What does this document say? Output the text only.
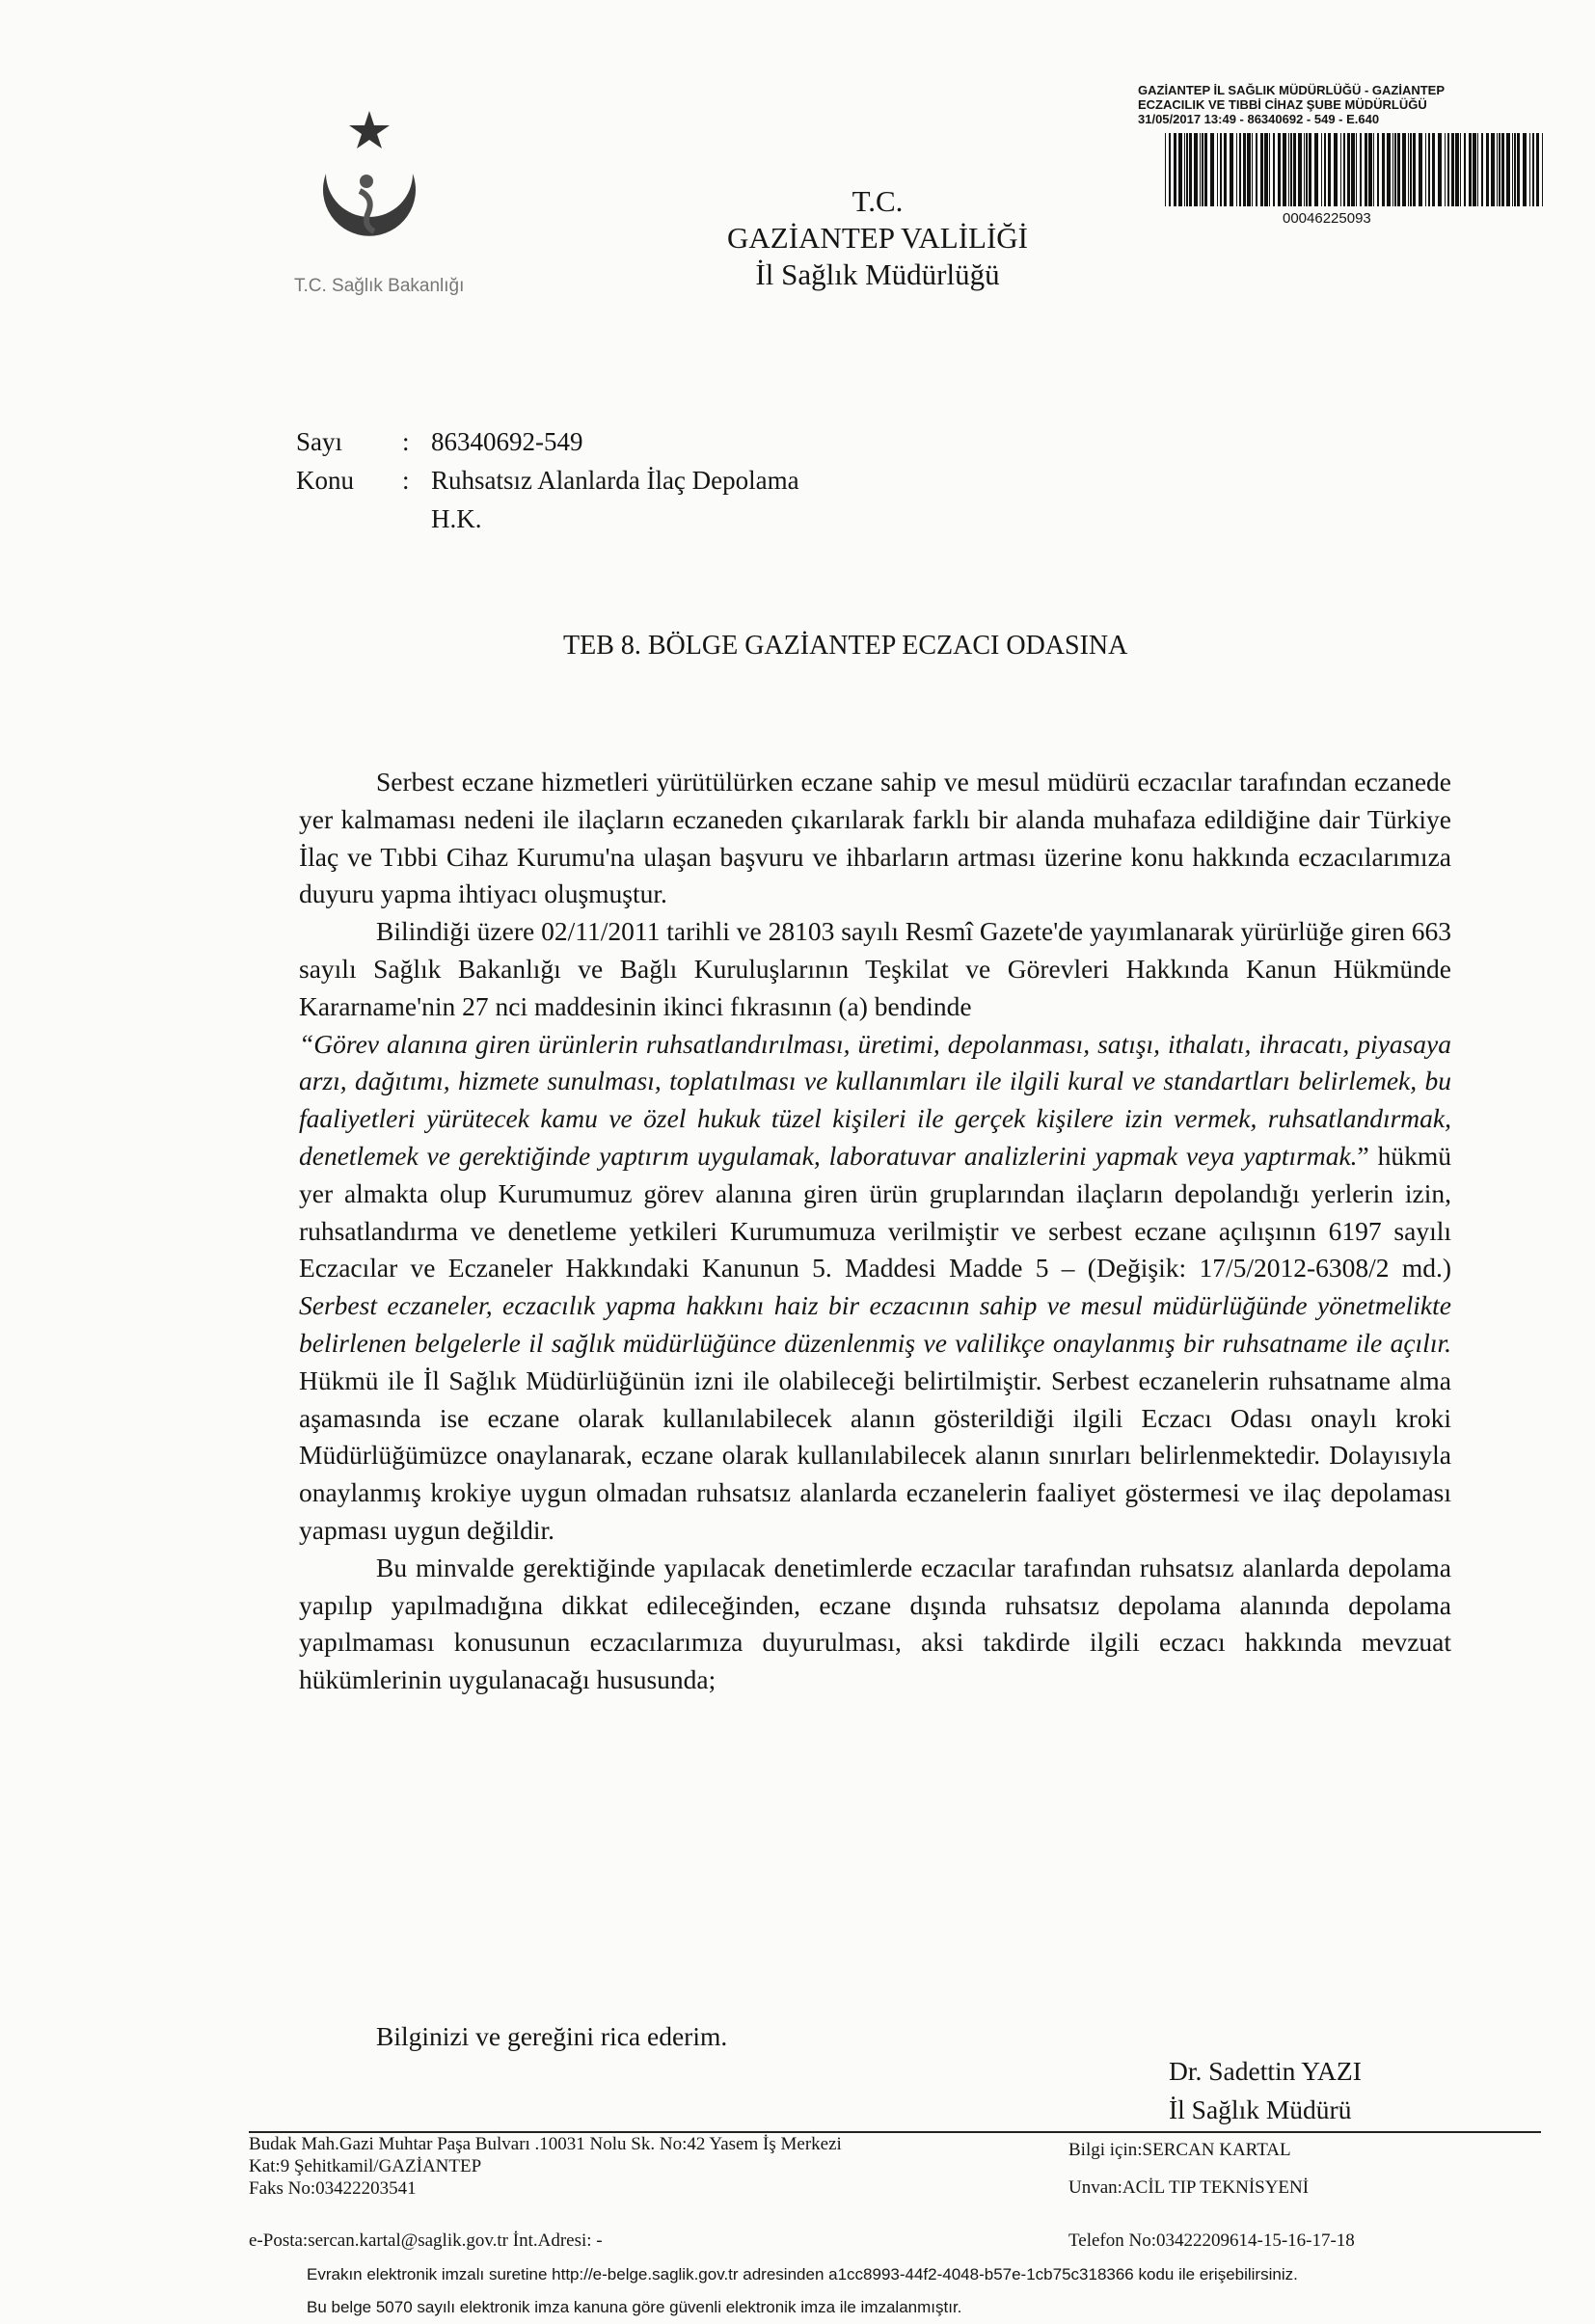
T.C. Sağlık Bakanlığı
T.C.
GAZİANTEP VALİLİĞİ
İl Sağlık Müdürlüğü
GAZİANTEP İL SAĞLIK MÜDÜRLÜĞÜ - GAZİANTEP
ECZACILIK VE TIBBİ CİHAZ ŞUBE MÜDÜRLÜĞÜ
31/05/2017 13:49 - 86340692 - 549 - E.640
00046225093
Sayı	: 86340692-549
Konu	: Ruhsatsız Alanlarda İlaç Depolama
H.K.
TEB 8. BÖLGE GAZİANTEP ECZACI ODASINA

Serbest eczane hizmetleri yürütülürken eczane sahip ve mesul müdürü eczacılar tarafından eczanede yer kalmaması nedeni ile ilaçların eczaneden çıkarılarak farklı bir alanda muhafaza edildiğine dair Türkiye İlaç ve Tıbbi Cihaz Kurumu'na ulaşan başvuru ve ihbarların artması üzerine konu hakkında eczacılarımıza duyuru yapma ihtiyacı oluşmuştur.

Bilindiği üzere 02/11/2011 tarihli ve 28103 sayılı Resmî Gazete'de yayımlanarak yürürlüğe giren 663 sayılı Sağlık Bakanlığı ve Bağlı Kuruluşlarının Teşkilat ve Görevleri Hakkında Kanun Hükmünde Kararname'nin 27 nci maddesinin ikinci fıkrasının (a) bendinde
“Görev alanına giren ürünlerin ruhsatlandırılması, üretimi, depolanması, satışı, ithalatı, ihracatı, piyasaya arzı, dağıtımı, hizmete sunulması, toplatılması ve kullanımları ile ilgili kural ve standartları belirlemek, bu faaliyetleri yürütecek kamu ve özel hukuk tüzel kişileri ile gerçek kişilere izin vermek, ruhsatlandırmak, denetlemek ve gerektiğinde yaptırım uygulamak, laboratuvar analizlerini yapmak veya yaptırmak.” hükmü yer almakta olup Kurumumuz görev alanına giren ürün gruplarından ilaçların depolandığı yerlerin izin, ruhsatlandırma ve denetleme yetkileri Kurumumuza verilmiştir ve serbest eczane açılışının 6197 sayılı Eczacılar ve Eczaneler Hakkındaki Kanunun 5. Maddesi Madde 5 – (Değişik: 17/5/2012-6308/2 md.) Serbest eczaneler, eczacılık yapma hakkını haiz bir eczacının sahip ve mesul müdürlüğünde yönetmelikte belirlenen belgelerle il sağlık müdürlüğünce düzenlenmiş ve valilikçe onaylanmış bir ruhsatname ile açılır. Hükmü ile İl Sağlık Müdürlüğünün izni ile olabileceği belirtilmiştir. Serbest eczanelerin ruhsatname alma aşamasında ise eczane olarak kullanılabilecek alanın gösterildiği ilgili Eczacı Odası onaylı kroki Müdürlüğümüzce onaylanarak, eczane olarak kullanılabilecek alanın sınırları belirlenmektedir. Dolayısıyla onaylanmış krokiye uygun olmadan ruhsatsız alanlarda eczanelerin faaliyet göstermesi ve ilaç depolaması yapması uygun değildir.

Bu minvalde gerektiğinde yapılacak denetimlerde eczacılar tarafından ruhsatsız alanlarda depolama yapılıp yapılmadığına dikkat edileceğinden, eczane dışında ruhsatsız depolama alanında depolama yapılmaması konusunun eczacılarımıza duyurulması, aksi takdirde ilgili eczacı hakkında mevzuat hükümlerinin uygulanacağı hususunda;

Bilginizi ve gereğini rica ederim.
Dr. Sadettin YAZI
İl Sağlık Müdürü
Budak Mah.Gazi Muhtar Paşa Bulvarı .10031 Nolu Sk. No:42 Yasem İş Merkezi
Kat:9 Şehitkamil/GAZİANTEP
Faks No:03422203541
Bilgi için:SERCAN KARTAL
Unvan:ACİL TIP TEKNİSYENİ
e-Posta:sercan.kartal@saglik.gov.tr İnt.Adresi: -	Telefon No:03422209614-15-16-17-18
Evrakın elektronik imzalı suretine http://e-belge.saglik.gov.tr adresinden a1cc8993-44f2-4048-b57e-1cb75c318366 kodu ile erişebilirsiniz.
Bu belge 5070 sayılı elektronik imza kanuna göre güvenli elektronik imza ile imzalanmıştır.
